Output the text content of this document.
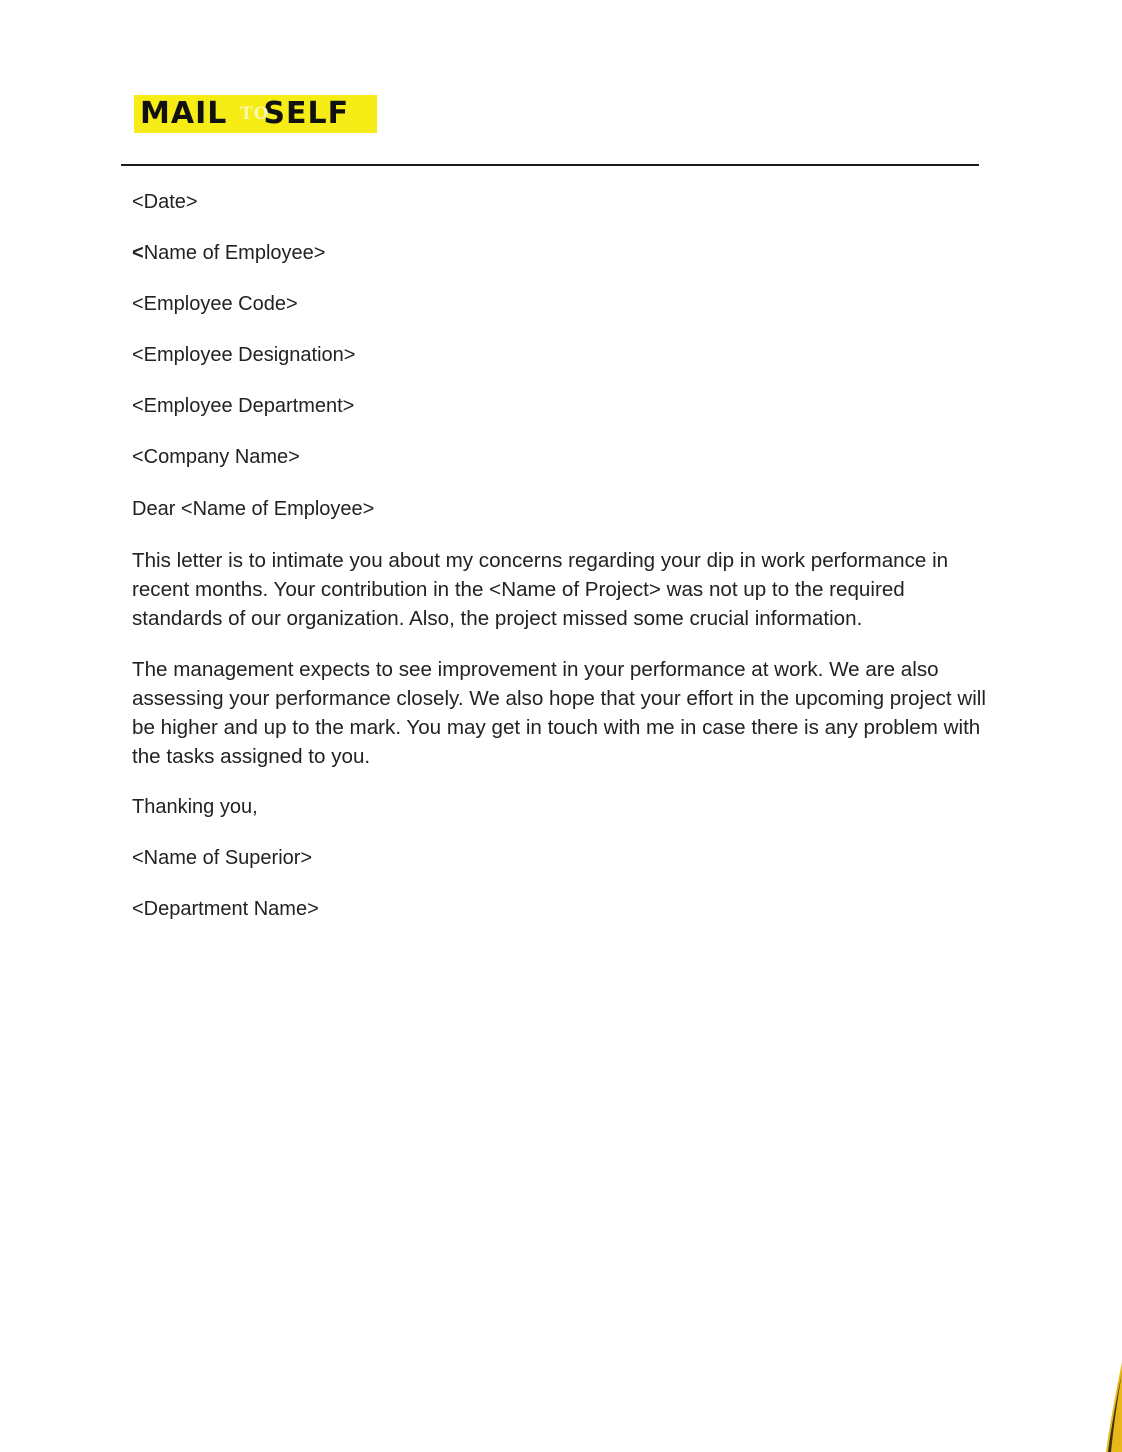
MAIL SELF
TO
<Date>
<Name of Employee>
<Employee Code>
<Employee Designation>
<Employee Department>
<Company Name>
Dear <Name of Employee>
This letter is to intimate you about my concerns regarding your dip in work performance in recent months. Your contribution in the <Name of Project> was not up to the required standards of our organization. Also, the project missed some crucial information.
The management expects to see improvement in your performance at work. We are also assessing your performance closely. We also hope that your effort in the upcoming project will be higher and up to the mark. You may get in touch with me in case there is any problem with the tasks assigned to you.
Thanking you,
<Name of Superior>
<Department Name>
